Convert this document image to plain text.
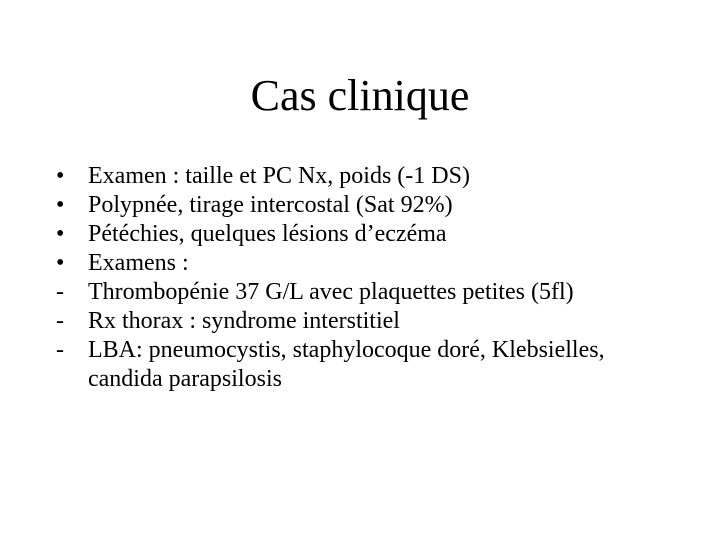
Cas clinique
• Examen : taille et PC Nx, poids (-1 DS)
• Polypnée, tirage intercostal (Sat 92%)
• Pétéchies, quelques lésions d’eczéma
• Examens :
-	Thrombopénie 37 G/L avec plaquettes petites (5fl)
-	Rx thorax : syndrome interstitiel
-	LBA: pneumocystis, staphylocoque doré, Klebsielles, candida parapsilosis
